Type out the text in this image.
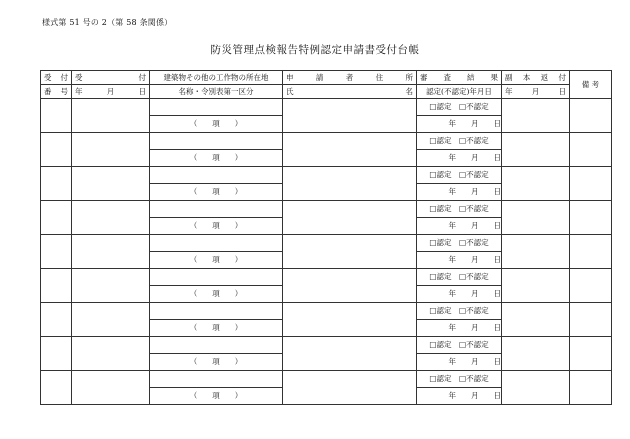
様式第 51 号の 2（第 58 条関係）
防災管理点検報告特例認定申請書受付台帳
受 付	受 付	建築物その他の工作物の所在地	申 請 者 住 所	審 査 結 果	副 本 返 付	備 考

番 号	年 月 日	名称・令別表第一区分	氏 名	認定(不認定)年月日	年 月 日	

				□認定　□不認定		
		（　　項　　）		年　　月　　日		
				□認定　□不認定		
		（　　項　　）		年　　月　　日		
				□認定　□不認定		
		（　　項　　）		年　　月　　日		
				□認定　□不認定		
		（　　項　　）		年　　月　　日		
				□認定　□不認定		
		（　　項　　）		年　　月　　日		
				□認定　□不認定		
		（　　項　　）		年　　月　　日		
				□認定　□不認定		
		（　　項　　）		年　　月　　日		
				□認定　□不認定		
		（　　項　　）		年　　月　　日		
				□認定　□不認定		
		（　　項　　）		年　　月　　日		
